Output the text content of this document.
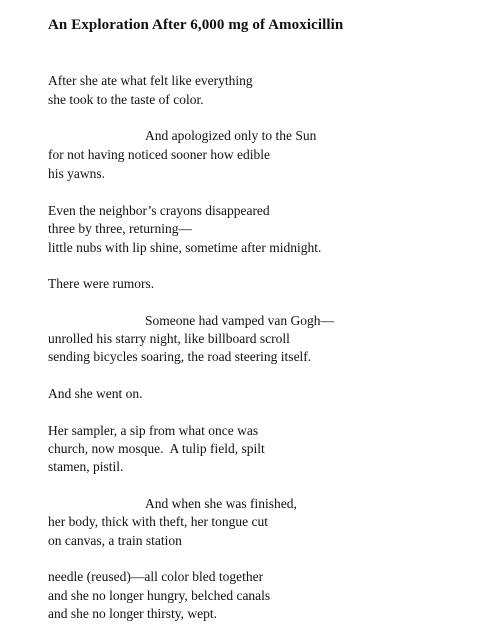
An Exploration After 6,000 mg of Amoxicillin
After she ate what felt like everything
she took to the taste of color.
And apologized only to the Sun
for not having noticed sooner how edible
his yawns.
Even the neighbor’s crayons disappeared
three by three, returning—
little nubs with lip shine, sometime after midnight.
There were rumors.
Someone had vamped van Gogh—
unrolled his starry night, like billboard scroll
sending bicycles soaring, the road steering itself.
And she went on.
Her sampler, a sip from what once was
church, now mosque.  A tulip field, spilt
stamen, pistil.
And when she was finished,
her body, thick with theft, her tongue cut
on canvas, a train station
needle (reused)—all color bled together
and she no longer hungry, belched canals
and she no longer thirsty, wept.
